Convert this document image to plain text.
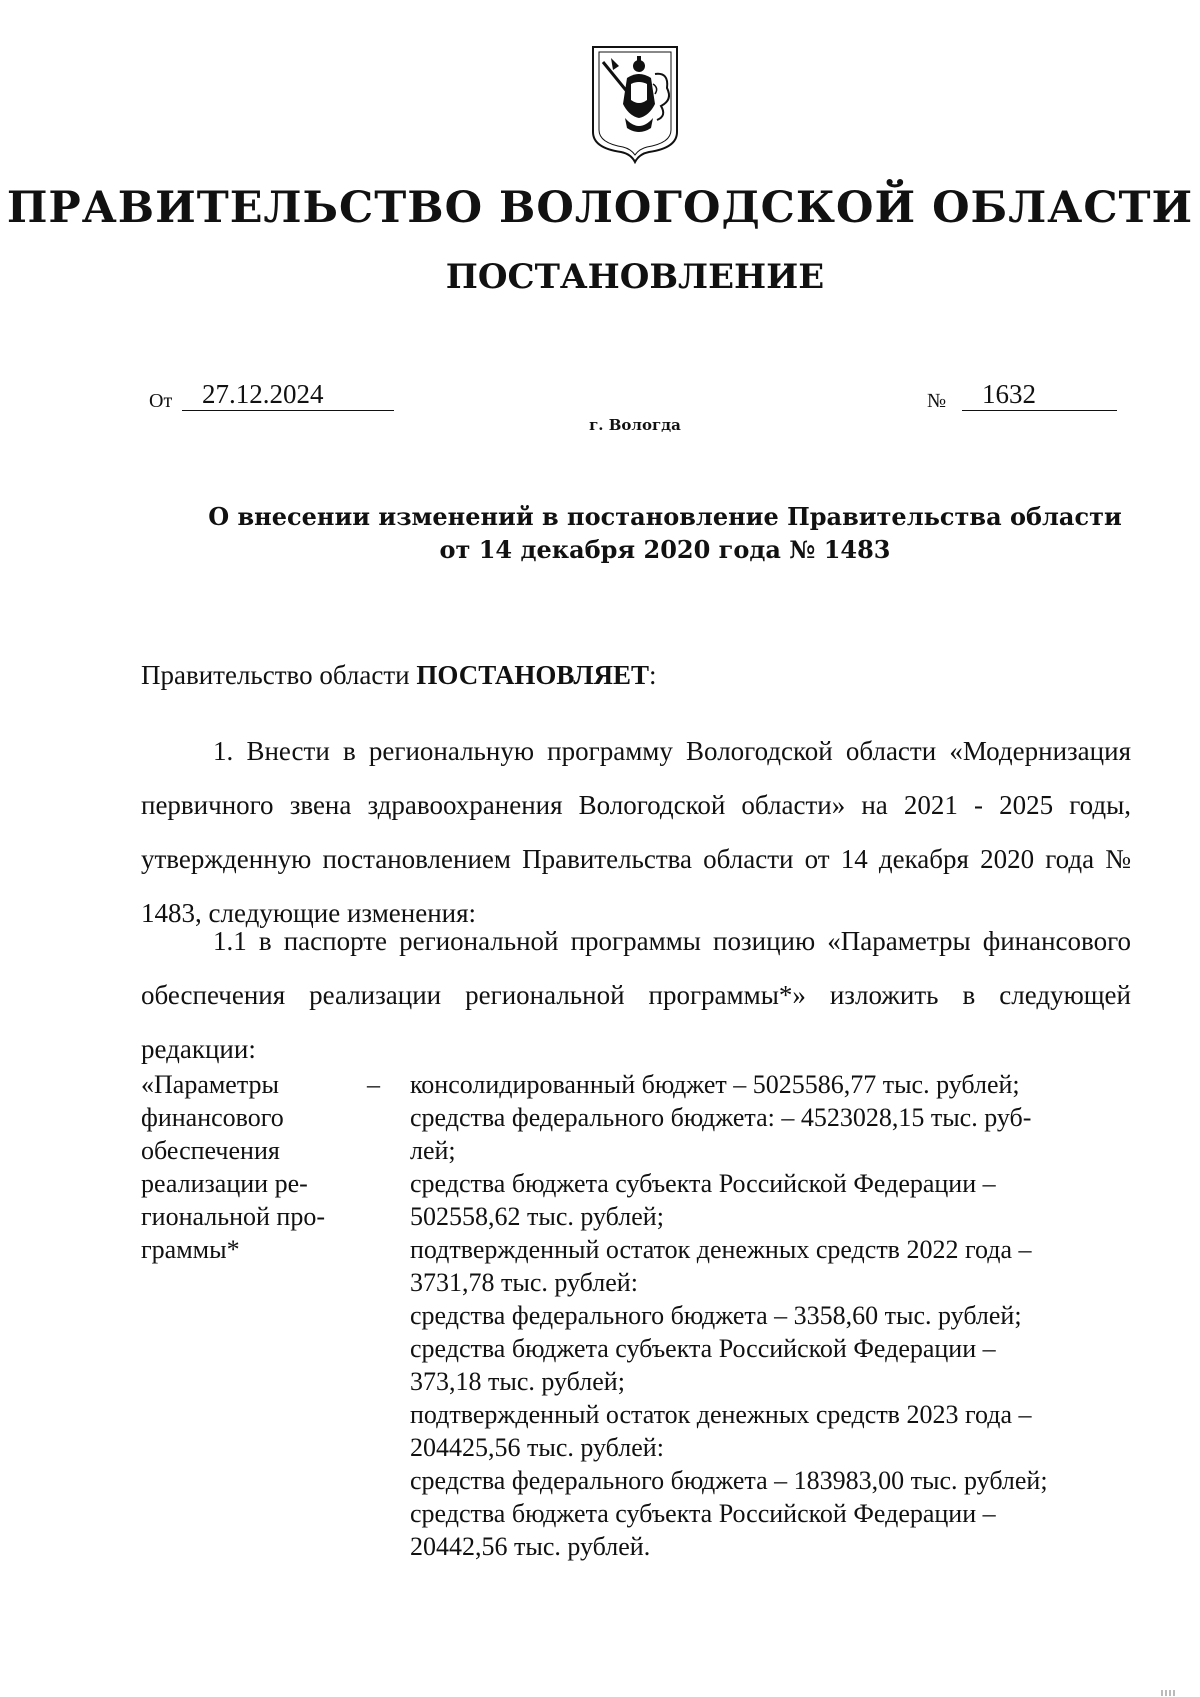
ПРАВИТЕЛЬСТВО ВОЛОГОДСКОЙ ОБЛАСТИ
ПОСТАНОВЛЕНИЕ
От	27.12.2024	№	1632
г. Вологда
О внесении изменений в постановление Правительства области
от 14 декабря 2020 года № 1483
Правительство области ПОСТАНОВЛЯЕТ:
1. Внести в региональную программу Вологодской области «Модернизация первичного звена здравоохранения Вологодской области» на 2021 - 2025 годы, утвержденную постановлением Правительства области от 14 декабря 2020 года № 1483, следующие изменения:
1.1 в паспорте региональной программы позицию «Параметры финансового обеспечения реализации региональной программы*» изложить в следующей редакции:
«Параметры
финансового
обеспечения
реализации ре-
гиональной про-
граммы*
– консолидированный бюджет – 5025586,77 тыс. рублей;
средства федерального бюджета: – 4523028,15 тыс. руб-
лей;
средства бюджета субъекта Российской Федерации –
502558,62 тыс. рублей;
подтвержденный остаток денежных средств 2022 года –
3731,78 тыс. рублей:
средства федерального бюджета – 3358,60 тыс. рублей;
средства бюджета субъекта Российской Федерации –
373,18 тыс. рублей;
подтвержденный остаток денежных средств 2023 года –
204425,56 тыс. рублей:
средства федерального бюджета – 183983,00 тыс. рублей;
средства бюджета субъекта Российской Федерации –
20442,56 тыс. рублей.
